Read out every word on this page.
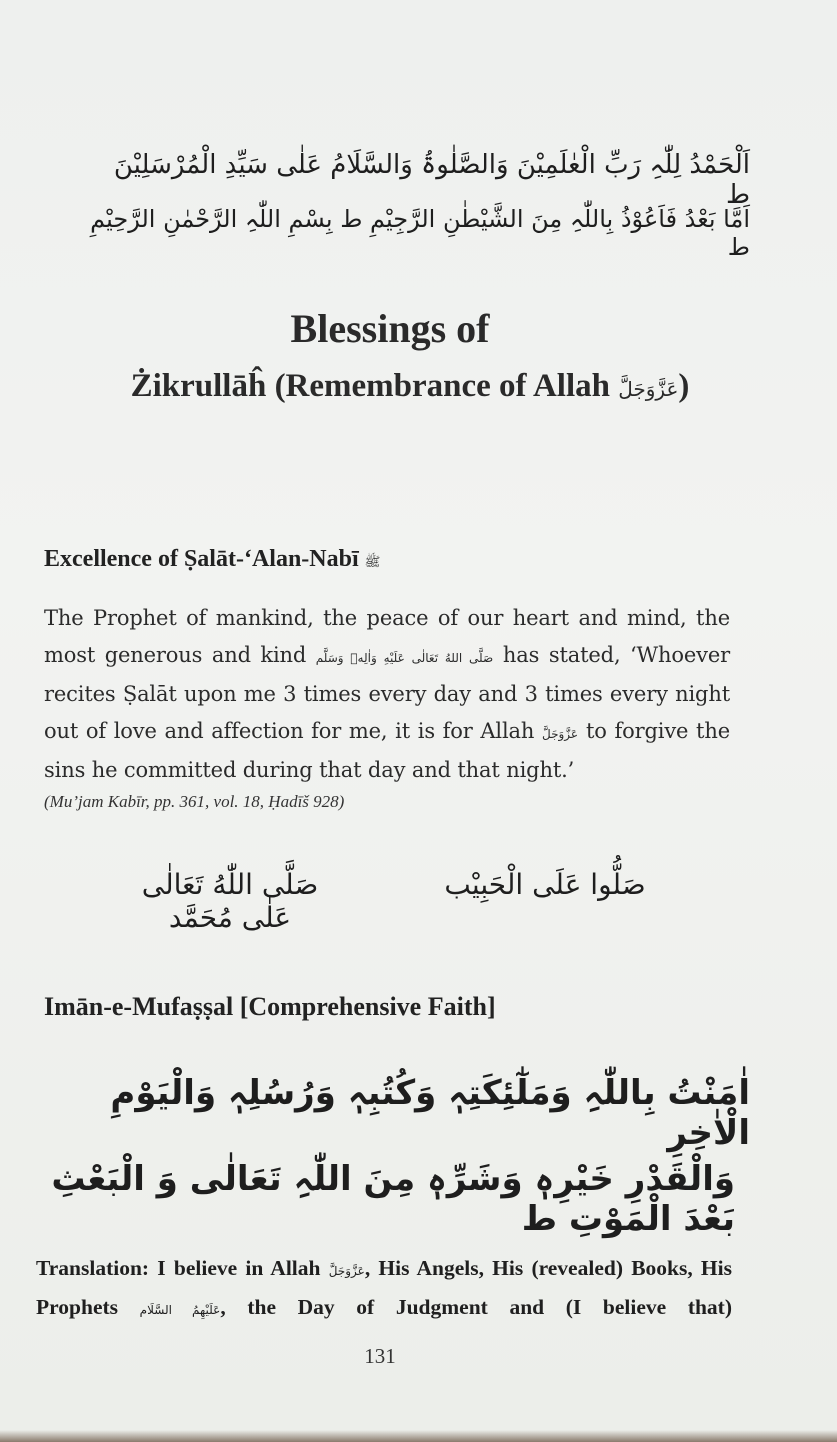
اَلْحَمْدُ لِلّٰہِ رَبِّ الْعٰلَمِیْنَ وَالصَّلٰوۃُ وَالسَّلَامُ عَلٰی سَیِّدِ الْمُرْسَلِیْنَ ط
اَمَّا بَعْدُ فَاَعُوْذُ بِاللّٰہِ مِنَ الشَّیْطٰنِ الرَّجِیْمِ ط بِسْمِ اللّٰہِ الرَّحْمٰنِ الرَّحِیْمِ ط
Blessings of
Żikrullāĥ (Remembrance of Allah عَزَّوَجَلَّ)
Excellence of Ṣalāt-‘Alan-Nabī ﷺ
The Prophet of mankind, the peace of our heart and mind, the most generous and kind صَلَّى اللهُ تَعَالٰى عَلَيْهِ وَاٰلِهٖ وَسَلَّم has stated, ‘Whoever recites Ṣalāt upon me 3 times every day and 3 times every night out of love and affection for me, it is for Allah عَزَّوَجَلَّ to forgive the sins he committed during that day and that night.’
(Mu’jam Kabīr, pp. 361, vol. 18, Ḥadīš 928)
صَلُّوا عَلَى الْحَبِيْب
صَلَّى اللّٰهُ تَعَالٰى عَلٰى مُحَمَّد
Imān-e-Mufaṣṣal [Comprehensive Faith]
اٰمَنْتُ بِاللّٰہِ وَمَلٰٓئِکَتِہٖ وَکُتُبِہٖ وَرُسُلِہٖ وَالْیَوْمِ الْاٰخِرِ
وَالْقَدْرِ خَیْرِہٖ وَشَرِّہٖ مِنَ اللّٰہِ تَعَالٰی وَ الْبَعْثِ بَعْدَ الْمَوْتِ ط
Translation: I believe in Allah عَزَّوَجَلَّ, His Angels, His (revealed) Books, His Prophets عَلَيْهِمُ السَّلَام, the Day of Judgment and (I believe that)
131
